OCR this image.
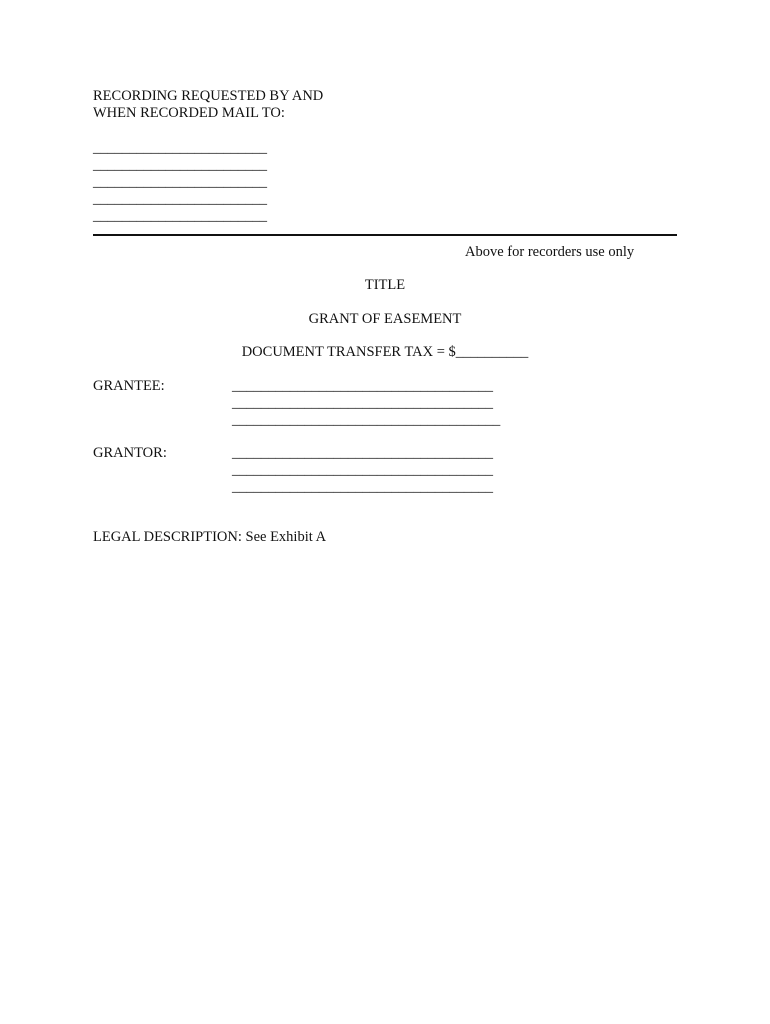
RECORDING REQUESTED BY AND
WHEN RECORDED MAIL TO:
________________________
________________________
________________________
________________________
________________________
Above for recorders use only
TITLE
GRANT OF EASEMENT
DOCUMENT TRANSFER TAX = $__________
GRANTEE:	____________________________________
____________________________________
_____________________________________
GRANTOR:	____________________________________
____________________________________
____________________________________
LEGAL DESCRIPTION: See Exhibit A
